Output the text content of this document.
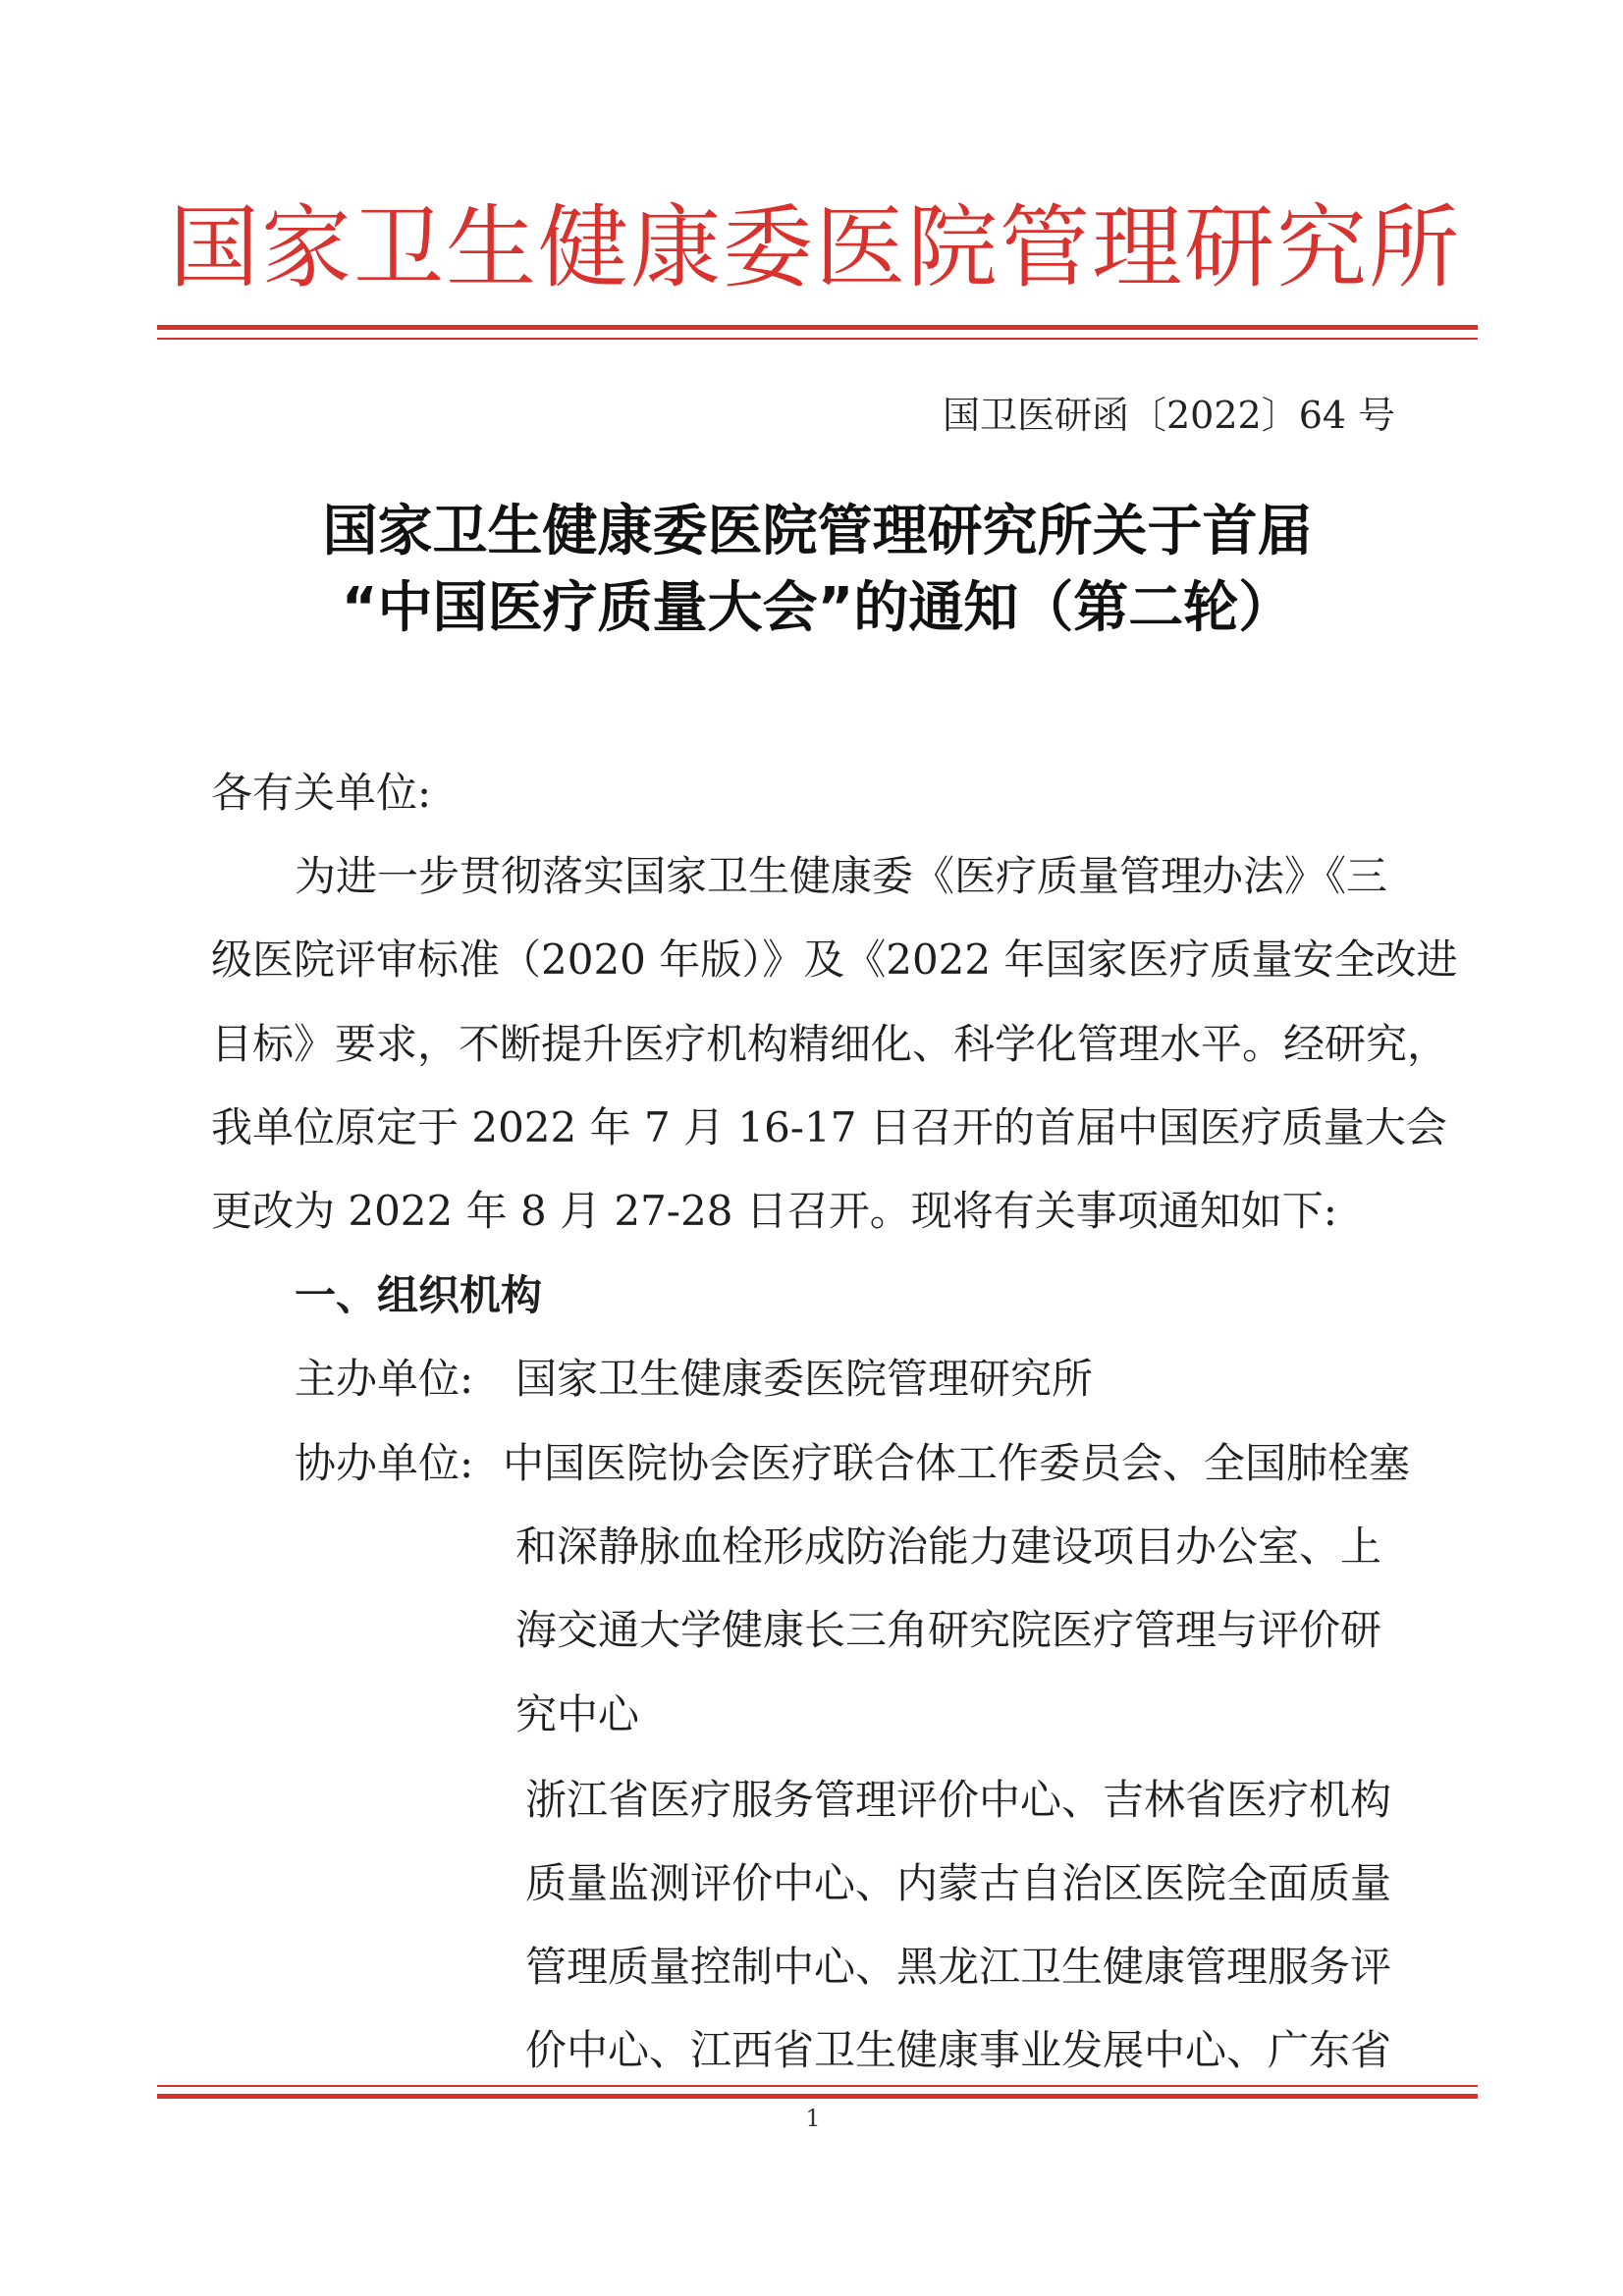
国家卫生健康委医院管理研究所
国卫医研函〔2022〕64 号
国家卫生健康委医院管理研究所关于首届
“中国医疗质量大会”的通知（第二轮）
各有关单位:
为进一步贯彻落实国家卫生健康委《医疗质量管理办法》《三
级医院评审标准（2020 年版）》及《2022 年国家医疗质量安全改进
目标》要求，不断提升医疗机构精细化、科学化管理水平。经研究，
我单位原定于 2022 年 7 月 16-17 日召开的首届中国医疗质量大会
更改为 2022 年 8 月 27-28 日召开。现将有关事项通知如下:
一、组织机构
主办单位: 国家卫生健康委医院管理研究所
协办单位: 中国医院协会医疗联合体工作委员会、全国肺栓塞
和深静脉血栓形成防治能力建设项目办公室、上
海交通大学健康长三角研究院医疗管理与评价研
究中心
浙江省医疗服务管理评价中心、吉林省医疗机构
质量监测评价中心、内蒙古自治区医院全面质量
管理质量控制中心、黑龙江卫生健康管理服务评
价中心、江西省卫生健康事业发展中心、广东省
1
